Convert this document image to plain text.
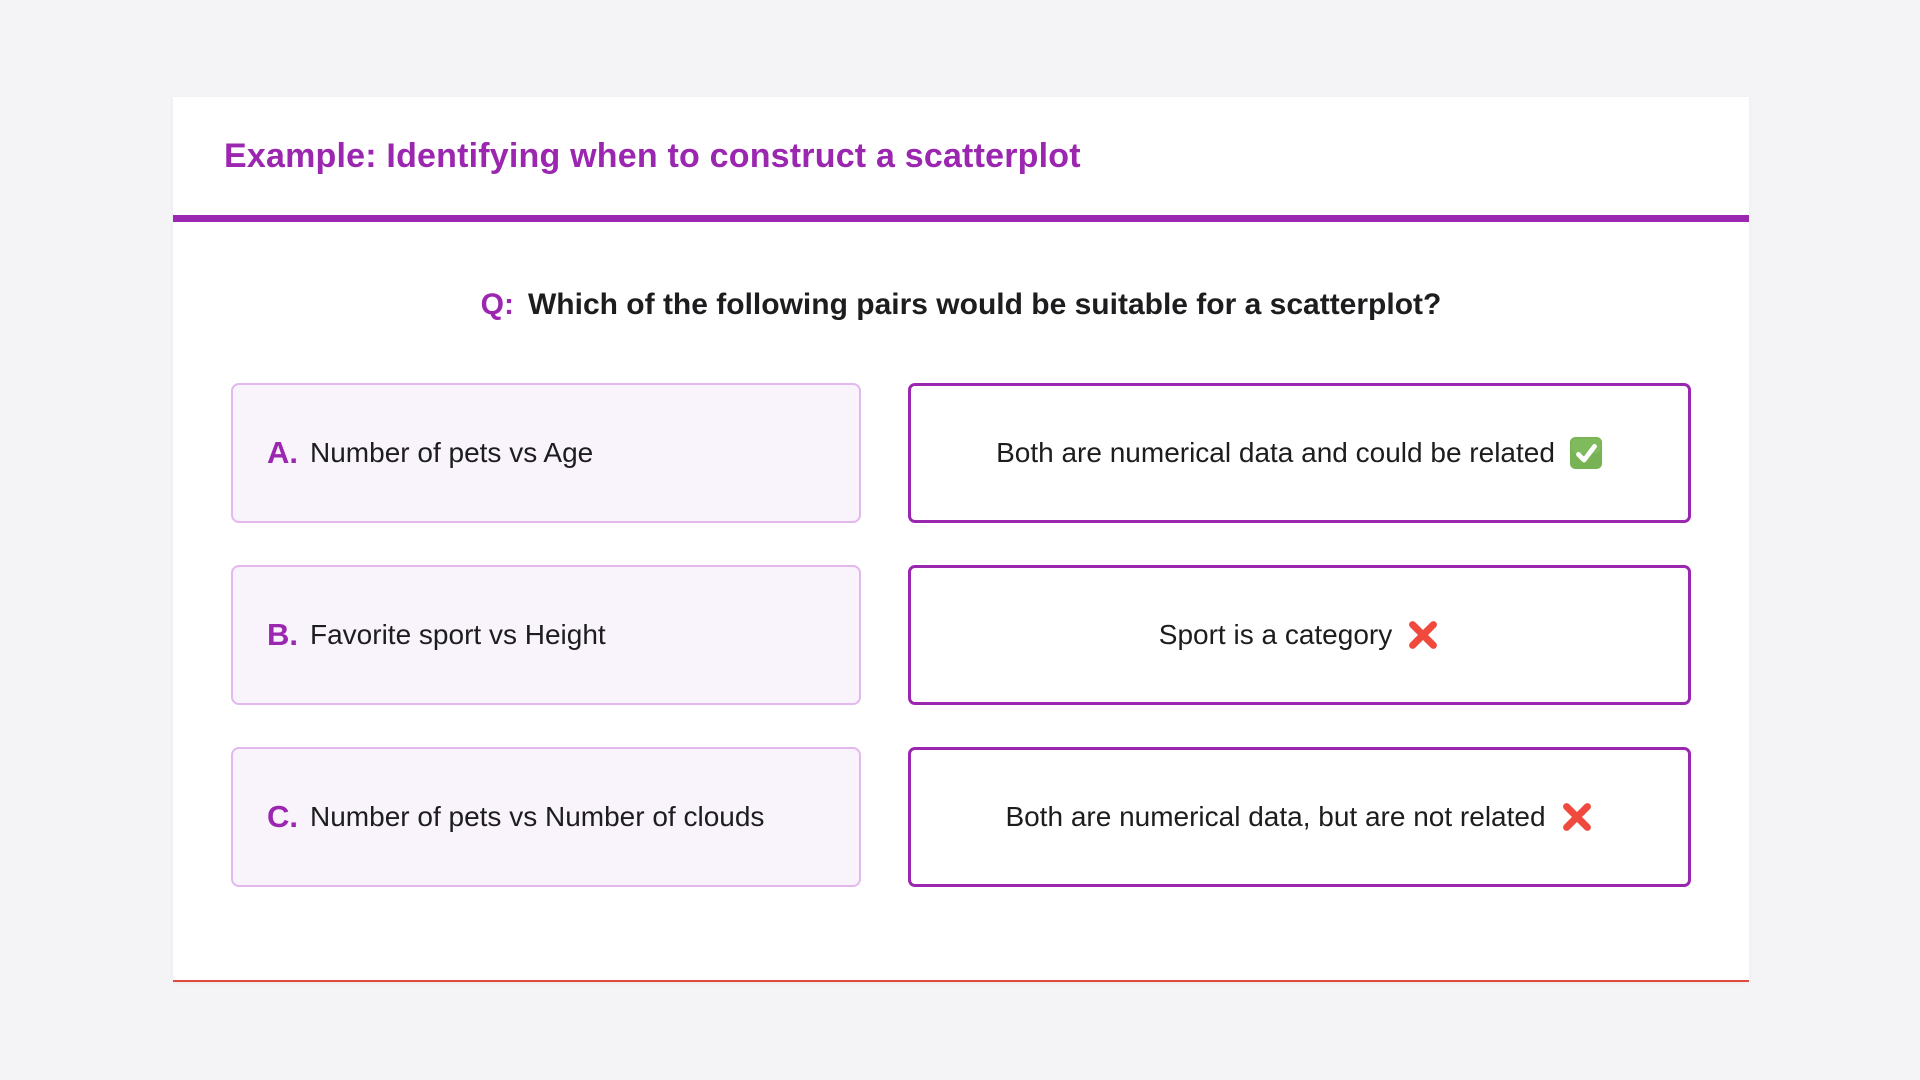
Example: Identifying when to construct a scatterplot
Q: Which of the following pairs would be suitable for a scatterplot?
A. Number of pets vs Age	Both are numerical data and could be related
B. Favorite sport vs Height	Sport is a category
C. Number of pets vs Number of clouds	Both are numerical data, but are not related
